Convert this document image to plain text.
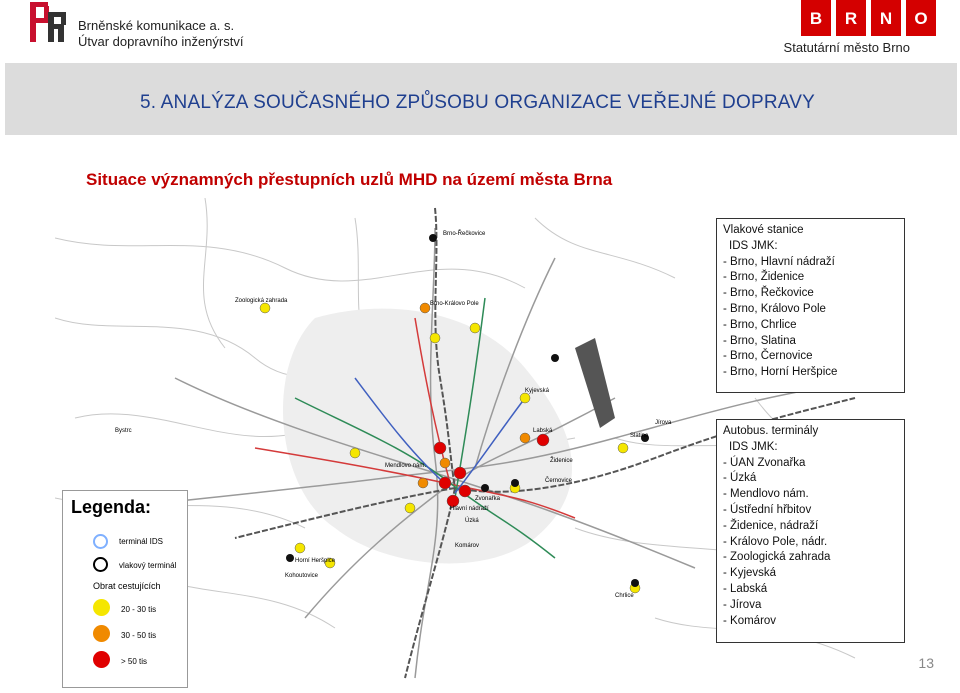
Brněnské komunikace a. s.
Útvar dopravního inženýrství
B R N O
Statutární město Brno
5. ANALÝZA SOUČASNÉHO ZPŮSOBU ORGANIZACE VEŘEJNÉ DOPRAVY
Situace významných přestupních uzlů MHD na území města Brna
Brno-Řečkovice
Brno-Královo Pole
Zoologická zahrada
Bystrc
Kohoutovice
Mendlovo nám.
Hlavní nádraží
Zvonařka
Úzká
Židenice
Slatina
Jírova
Komárov
Chrlice
Horní Heršpice
Černovice
Labská
Kyjevská
Legenda:
terminál IDS
vlakový terminál
Obrat cestujících
20 - 30 tis
30 - 50 tis
> 50 tis
Vlakové stanice
IDS JMK:
- Brno, Hlavní nádraží
- Brno, Židenice
- Brno, Řečkovice
- Brno, Královo Pole
- Brno, Chrlice
- Brno, Slatina
- Brno, Černovice
- Brno, Horní Heršpice
Autobus. terminály
IDS JMK:
- ÚAN Zvonařka
- Úzká
- Mendlovo nám.
- Ústřední hřbitov
- Židenice, nádraží
- Královo Pole, nádr.
- Zoologická zahrada
- Kyjevská
- Labská
- Jírova
- Komárov
13
